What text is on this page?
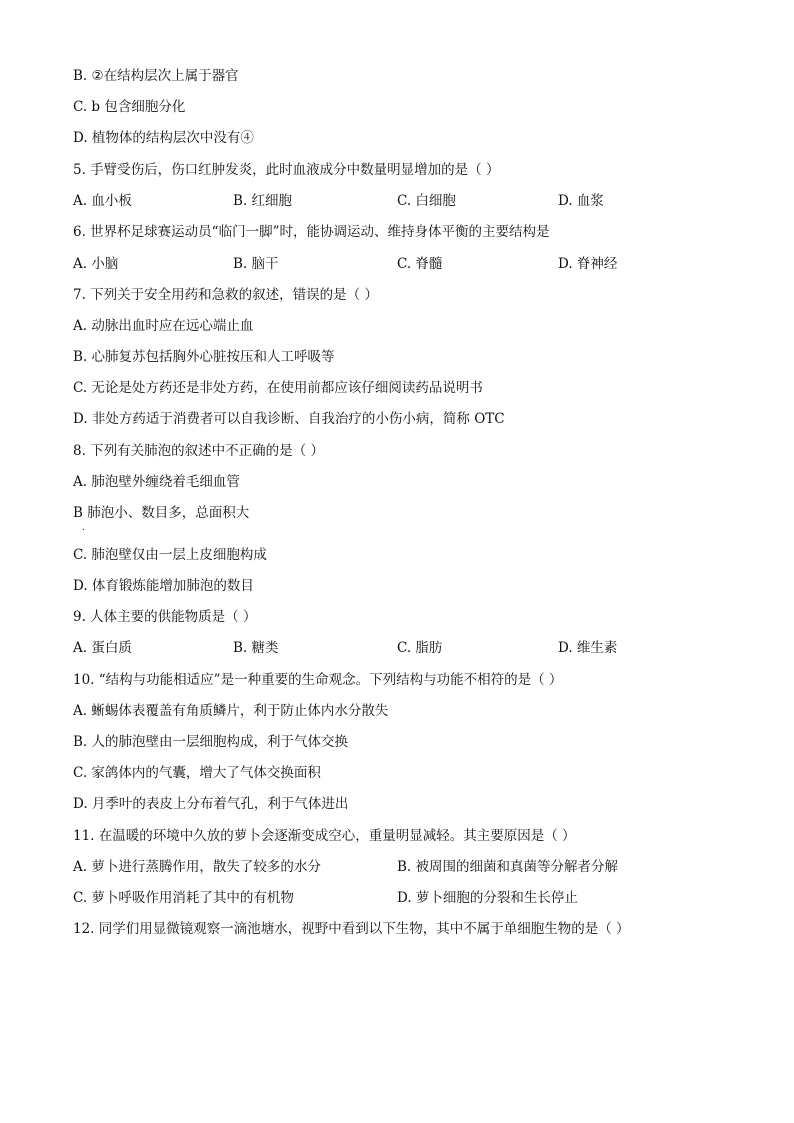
B. ②在结构层次上属于器官
C. b 包含细胞分化
D. 植物体的结构层次中没有④
5. 手臂受伤后，伤口红肿发炎，此时血液成分中数量明显增加的是（ ）
A. 血小板	B. 红细胞	C. 白细胞	D. 血浆
6. 世界杯足球赛运动员“临门一脚”时，能协调运动、维持身体平衡的主要结构是
A. 小脑	B. 脑干	C. 脊髓	D. 脊神经
7. 下列关于安全用药和急救的叙述，错误的是（ ）
A. 动脉出血时应在远心端止血
B. 心肺复苏包括胸外心脏按压和人工呼吸等
C. 无论是处方药还是非处方药，在使用前都应该仔细阅读药品说明书
D. 非处方药适于消费者可以自我诊断、自我治疗的小伤小病，简称 OTC
8. 下列有关肺泡的叙述中不正确的是（ ）
A. 肺泡壁外缠绕着毛细血管
B 肺泡小、数目多，总面积大
.
C. 肺泡壁仅由一层上皮细胞构成
D. 体育锻炼能增加肺泡的数目
9. 人体主要的供能物质是（ ）
A. 蛋白质	B. 糖类	C. 脂肪	D. 维生素
10. “结构与功能相适应”是一种重要的生命观念。下列结构与功能不相符的是（ ）
A. 蜥蜴体表覆盖有角质鳞片，利于防止体内水分散失
B. 人的肺泡壁由一层细胞构成，利于气体交换
C. 家鸽体内的气囊，增大了气体交换面积
D. 月季叶的表皮上分布着气孔，利于气体进出
11. 在温暖的环境中久放的萝卜会逐渐变成空心，重量明显减轻。其主要原因是（ ）
A. 萝卜进行蒸腾作用，散失了较多的水分	B. 被周围的细菌和真菌等分解者分解
C. 萝卜呼吸作用消耗了其中的有机物	D. 萝卜细胞的分裂和生长停止
12. 同学们用显微镜观察一滴池塘水，视野中看到以下生物，其中不属于单细胞生物的是（ ）
